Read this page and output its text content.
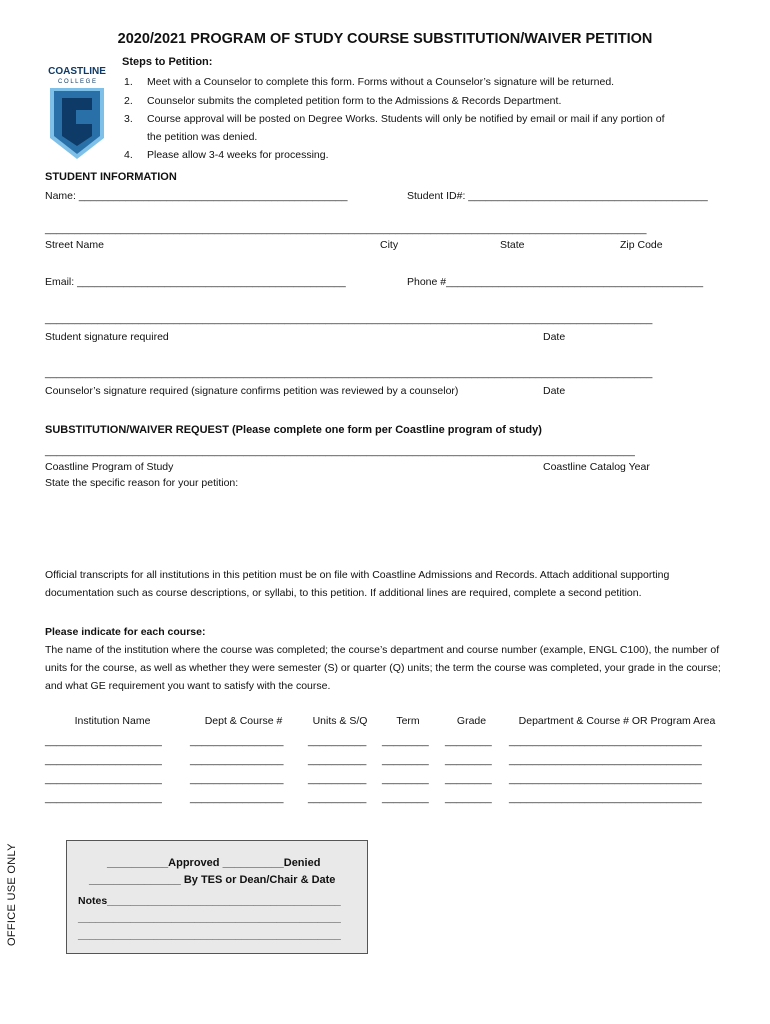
2020/2021 PROGRAM OF STUDY COURSE SUBSTITUTION/WAIVER PETITION
COASTLINE
C O L L E G E
Steps to Petition:
1. Meet with a Counselor to complete this form. Forms without a Counselor’s signature will be returned.
2. Counselor submits the completed petition form to the Admissions & Records Department.
3. Course approval will be posted on Degree Works. Students will only be notified by email or mail if any portion of
the petition was denied.
4. Please allow 3-4 weeks for processing.
STUDENT INFORMATION
Name: ______________________________________________	Student ID#: _________________________________________
_______________________________________________________________________________________________________
Street Name	City	State	Zip Code
Email: ______________________________________________	Phone #____________________________________________
________________________________________________________________________________________________________
Student signature required	Date
________________________________________________________________________________________________________
Counselor’s signature required (signature confirms petition was reviewed by a counselor)	Date
SUBSTITUTION/WAIVER REQUEST (Please complete one form per Coastline program of study)
_____________________________________________________________________________________________________
Coastline Program of Study	Coastline Catalog Year
State the specific reason for your petition:
Official transcripts for all institutions in this petition must be on file with Coastline Admissions and Records. Attach additional supporting documentation such as course descriptions, or syllabi, to this petition. If additional lines are required, complete a second petition.
Please indicate for each course:
The name of the institution where the course was completed; the course’s department and course number (example, ENGL C100), the number of units for the course, as well as whether they were semester (S) or quarter (Q) units; the term the course was completed, your grade in the course; and what GE requirement you want to satisfy with the course.
Institution Name	Dept & Course #	Units & S/Q	Term	Grade	Department & Course # OR Program Area
____________________	________________ __________ ________ ________ _________________________________
____________________	________________ __________ ________ ________ _________________________________
____________________	________________ __________ ________ ________ _________________________________
____________________	________________ __________ ________ ________ _________________________________
OFFICE USE ONLY	__________Approved __________Denied
_______________ By TES or Dean/Chair & Date
Notes________________________________________
_____________________________________________
_____________________________________________
